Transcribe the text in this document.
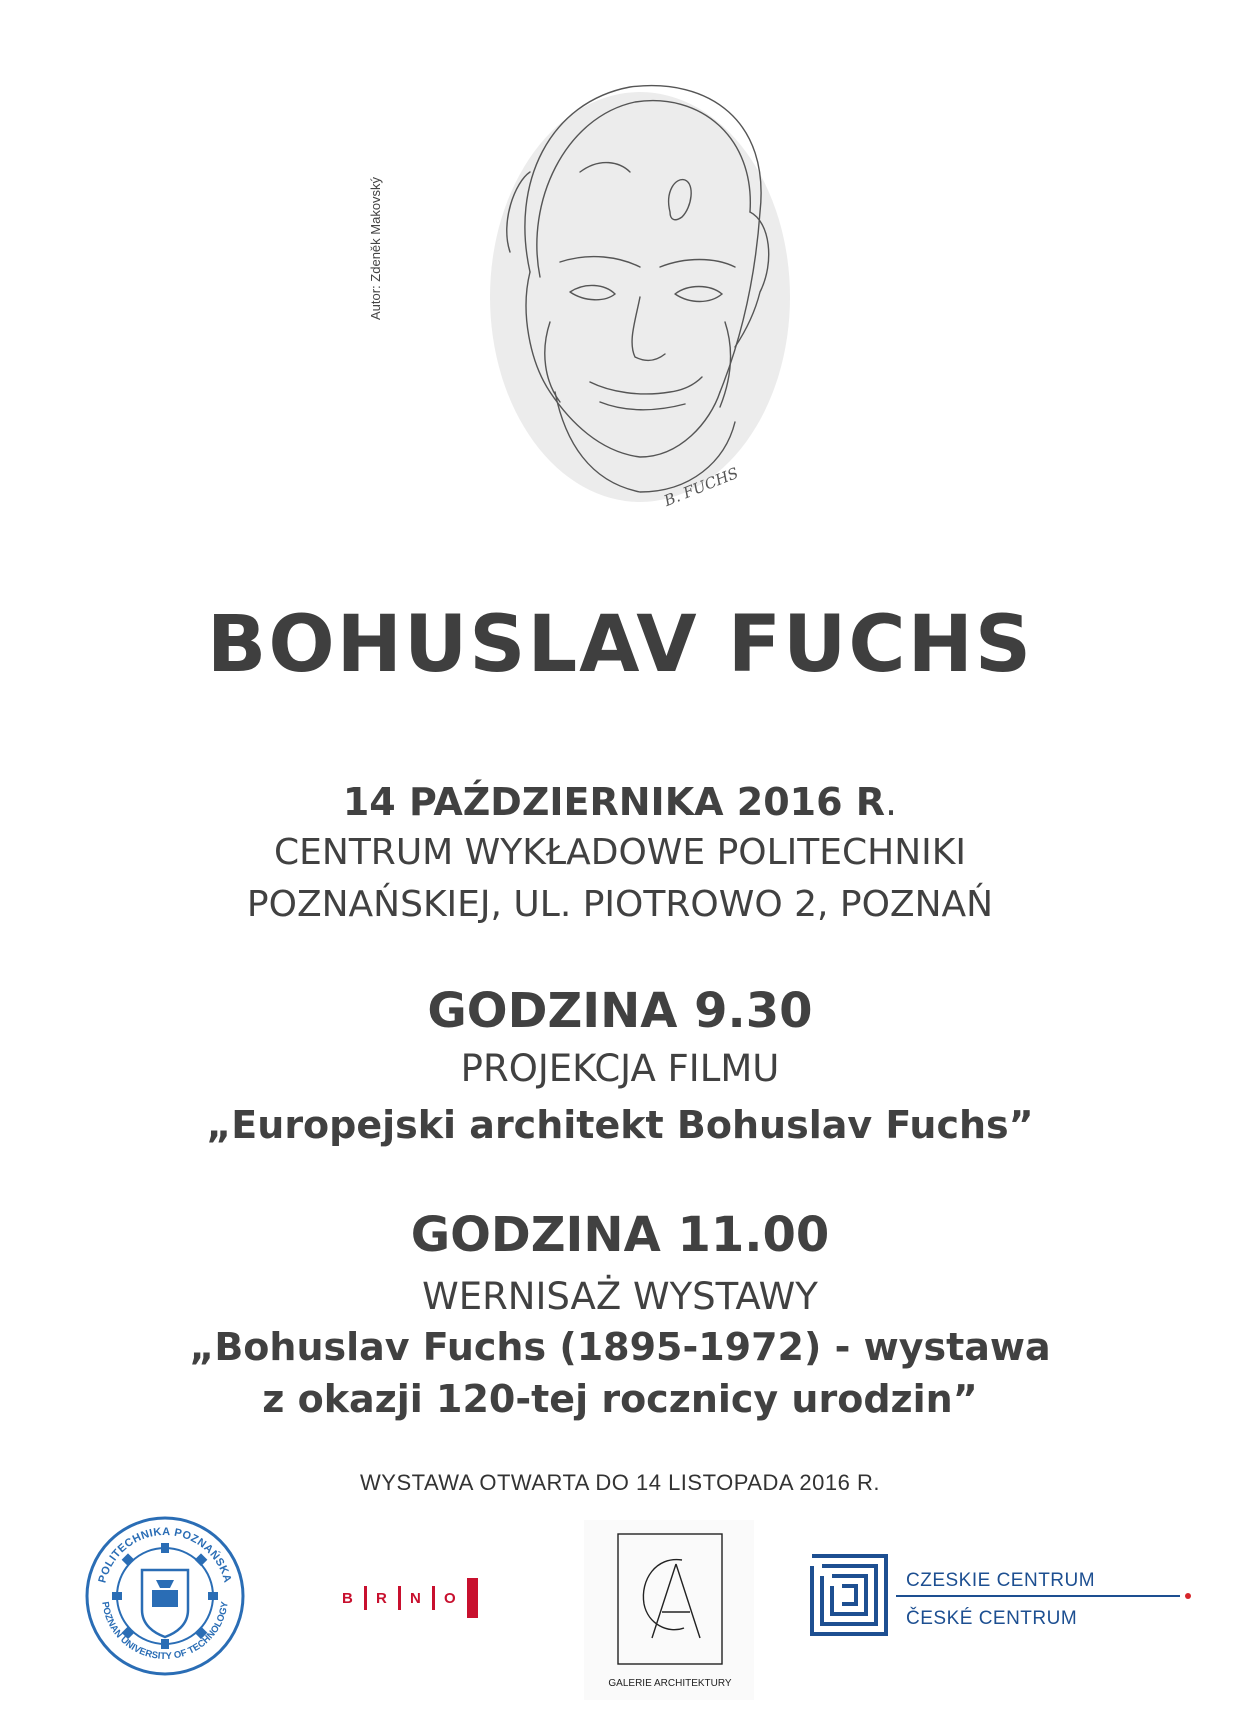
B. FUCHS
Autor: Zdeněk Makovský
BOHUSLAV FUCHS
14 PAŹDZIERNIKA 2016 R.
CENTRUM WYKŁADOWE POLITECHNIKI
POZNAŃSKIEJ, UL. PIOTROWO 2, POZNAŃ
GODZINA 9.30
PROJEKCJA FILMU
„Europejski architekt Bohuslav Fuchs”
GODZINA 11.00
WERNISAŻ WYSTAWY
„Bohuslav Fuchs (1895-1972) - wystawa
z okazji 120-tej rocznicy urodzin”
WYSTAWA OTWARTA DO 14 LISTOPADA 2016 R.
POLITECHNIKA POZNAŃSKA
POZNAN UNIVERSITY OF TECHNOLOGY	B R N O
GALERIE ARCHITEKTURY
CZESKIE CENTRUM
ČESKÉ CENTRUM
